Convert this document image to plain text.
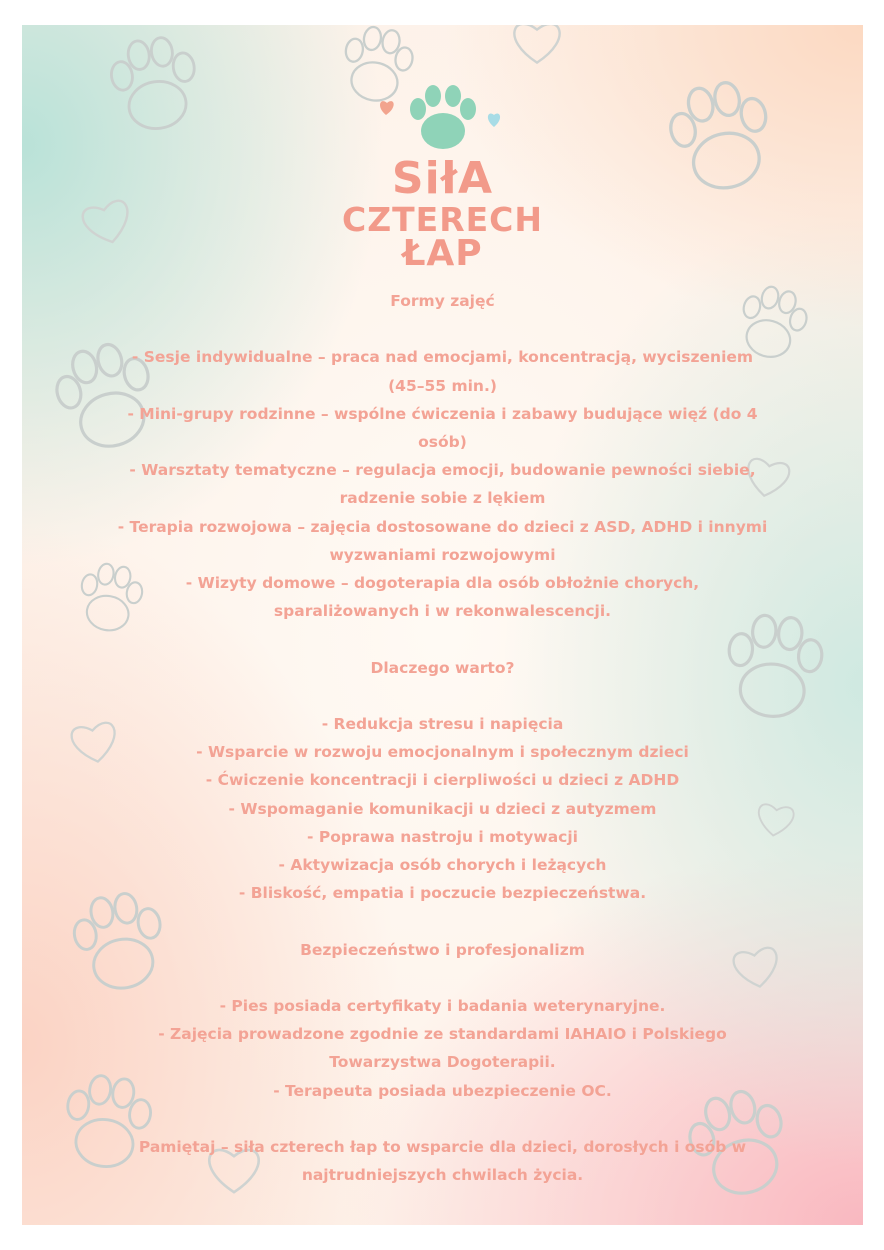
SiłA
CZTERECH
ŁAP

Formy zajęć

- Sesje indywidualne – praca nad emocjami, koncentracją, wyciszeniem

(45–55 min.)

- Mini-grupy rodzinne – wspólne ćwiczenia i zabawy budujące więź (do 4

osób)

- Warsztaty tematyczne – regulacja emocji, budowanie pewności siebie,

radzenie sobie z lękiem

- Terapia rozwojowa – zajęcia dostosowane do dzieci z ASD, ADHD i innymi

wyzwaniami rozwojowymi

- Wizyty domowe – dogoterapia dla osób obłożnie chorych,

sparaliżowanych i w rekonwalescencji.

Dlaczego warto?

- Redukcja stresu i napięcia

- Wsparcie w rozwoju emocjonalnym i społecznym dzieci

- Ćwiczenie koncentracji i cierpliwości u dzieci z ADHD

- Wspomaganie komunikacji u dzieci z autyzmem

- Poprawa nastroju i motywacji

- Aktywizacja osób chorych i leżących

- Bliskość, empatia i poczucie bezpieczeństwa.

Bezpieczeństwo i profesjonalizm

- Pies posiada certyfikaty i badania weterynaryjne.

- Zajęcia prowadzone zgodnie ze standardami IAHAIO i Polskiego

Towarzystwa Dogoterapii.

- Terapeuta posiada ubezpieczenie OC.

Pamiętaj – siła czterech łap to wsparcie dla dzieci, dorosłych i osób w

najtrudniejszych chwilach życia.
